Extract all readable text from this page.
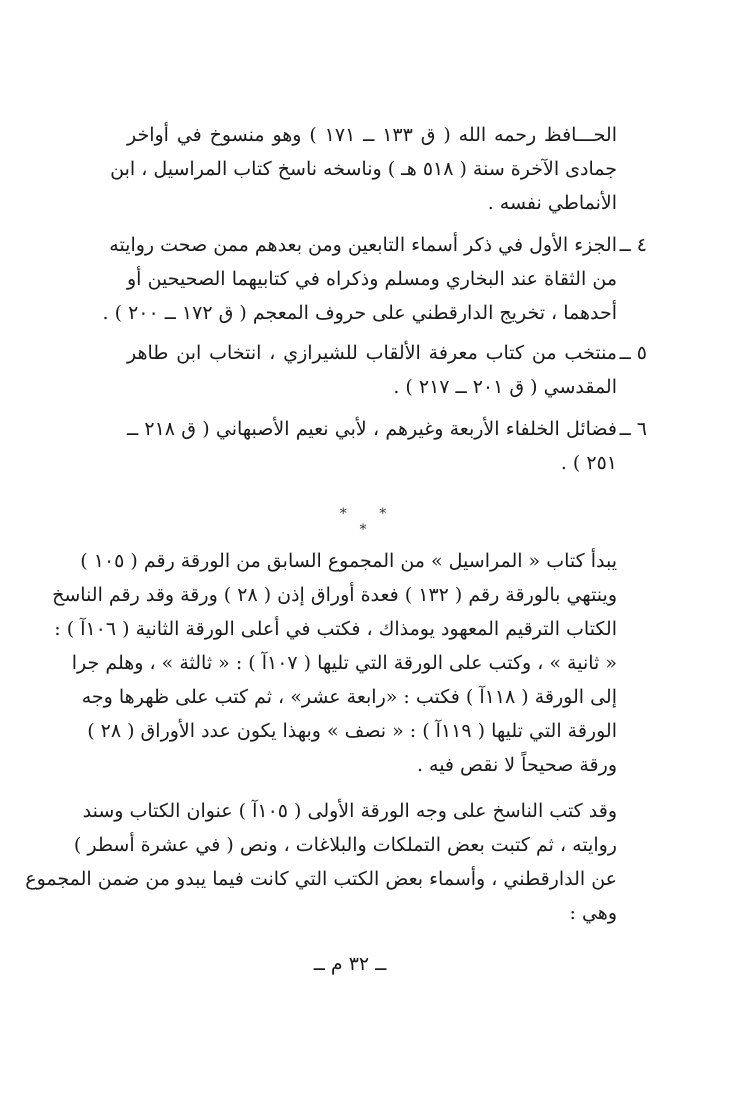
الحـــافظ رحمه الله ( ق ١٣٣ ــ ١٧١ ) وهو منسوخ في أواخر
جمادى الآخرة سنة ( ٥١٨ هـ ) وناسخه ناسخ كتاب المراسيل ، ابن
الأنماطي نفسه .
٤ ــ
الجزء الأول في ذكر أسماء التابعين ومن بعدهم ممن صحت روايته
من الثقاة عند البخاري ومسلم وذكراه في كتابيهما الصحيحين أو
أحدهما ، تخريج الدارقطني على حروف المعجم ( ق ١٧٢ ــ ٢٠٠ ) .
٥ ــ
منتخب من كتاب معرفة الألقاب للشيرازي ، انتخاب ابن طاهر
المقدسي ( ق ٢٠١ ــ ٢١٧ ) .
٦ ــ
فضائل الخلفاء الأربعة وغيرهم ، لأبي نعيم الأصبهاني ( ق ٢١٨ ــ
٢٥١ ) .
* * *
يبدأ كتاب « المراسيل » من المجموع السابق من الورقة رقم ( ١٠٥ )
وينتهي بالورقة رقم ( ١٣٢ ) فعدة أوراق إذن ( ٢٨ ) ورقة وقد رقم الناسخ
الكتاب الترقيم المعهود يومذاك ، فكتب في أعلى الورقة الثانية ( ١٠٦آ ) :
« ثانية » ، وكتب على الورقة التي تليها ( ١٠٧آ ) : « ثالثة » ، وهلم جرا
إلى الورقة ( ١١٨آ ) فكتب : «رابعة عشر» ، ثم كتب على ظهرها وجه
الورقة التي تليها ( ١١٩آ ) : « نصف » وبهذا يكون عدد الأوراق ( ٢٨ )
ورقة صحيحاً لا نقص فيه .
وقد كتب الناسخ على وجه الورقة الأولى ( ١٠٥آ ) عنوان الكتاب وسند
روايته ، ثم كتبت بعض التملكات والبلاغات ، ونص ( في عشرة أسطر )
عن الدارقطني ، وأسماء بعض الكتب التي كانت فيما يبدو من ضمن المجموع
وهي :
ــ ٣٢ م ــ
